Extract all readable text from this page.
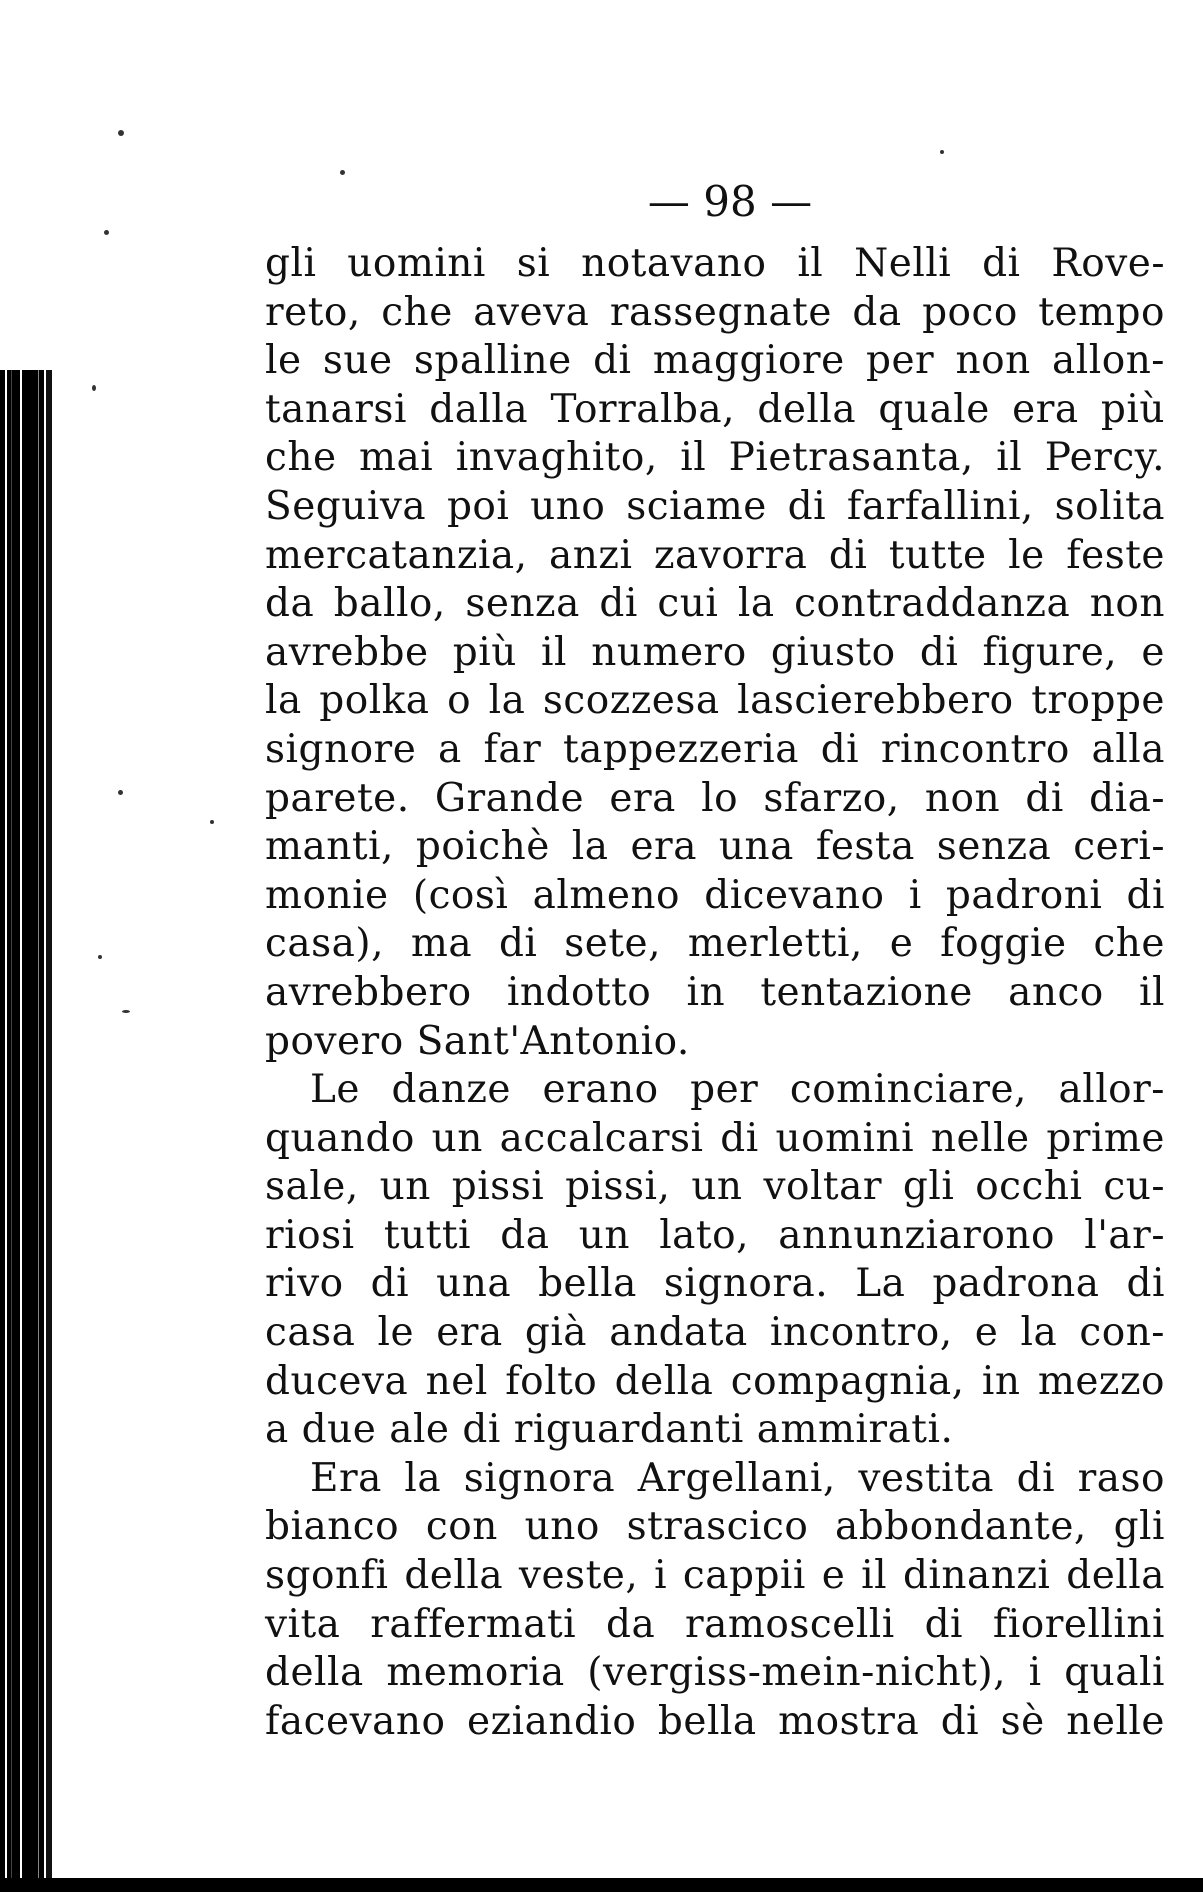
— 98 —
gli uomini si notavano il Nelli di Rove-
reto, che aveva rassegnate da poco tempo
le sue spalline di maggiore per non allon-
tanarsi dalla Torralba, della quale era più
che mai invaghito, il Pietrasanta, il Percy.
Seguiva poi uno sciame di farfallini, solita
mercatanzia, anzi zavorra di tutte le feste
da ballo, senza di cui la contraddanza non
avrebbe più il numero giusto di figure, e
la polka o la scozzesa lascierebbero troppe
signore a far tappezzeria di rincontro alla
parete. Grande era lo sfarzo, non di dia-
manti, poichè la era una festa senza ceri-
monie (così almeno dicevano i padroni di
casa), ma di sete, merletti, e foggie che
avrebbero indotto in tentazione anco il
povero Sant'Antonio.
Le danze erano per cominciare, allor-
quando un accalcarsi di uomini nelle prime
sale, un pissi pissi, un voltar gli occhi cu-
riosi tutti da un lato, annunziarono l'ar-
rivo di una bella signora. La padrona di
casa le era già andata incontro, e la con-
duceva nel folto della compagnia, in mezzo
a due ale di riguardanti ammirati.
Era la signora Argellani, vestita di raso
bianco con uno strascico abbondante, gli
sgonfi della veste, i cappii e il dinanzi della
vita raffermati da ramoscelli di fiorellini
della memoria (vergiss-mein-nicht), i quali
facevano eziandio bella mostra di sè nelle
